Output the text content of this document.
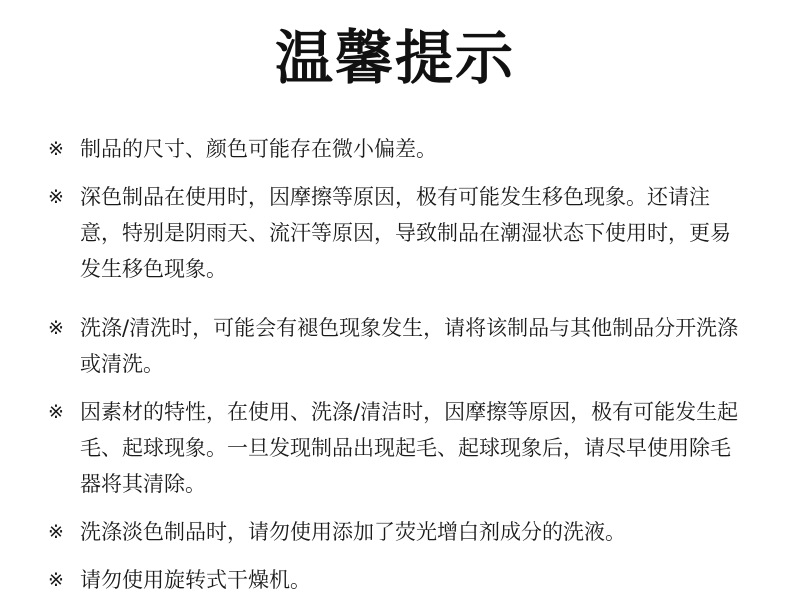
温馨提示
※ 制品的尺寸、颜色可能存在微小偏差。
※ 深色制品在使用时，因摩擦等原因，极有可能发生移色现象。还请注意，特别是阴雨天、流汗等原因，导致制品在潮湿状态下使用时，更易发生移色现象。
※ 洗涤/清洗时，可能会有褪色现象发生，请将该制品与其他制品分开洗涤或清洗。
※ 因素材的特性，在使用、洗涤/清洁时，因摩擦等原因，极有可能发生起毛、起球现象。一旦发现制品出现起毛、起球现象后，请尽早使用除毛器将其清除。
※ 洗涤淡色制品时，请勿使用添加了荧光增白剂成分的洗液。
※ 请勿使用旋转式干燥机。
